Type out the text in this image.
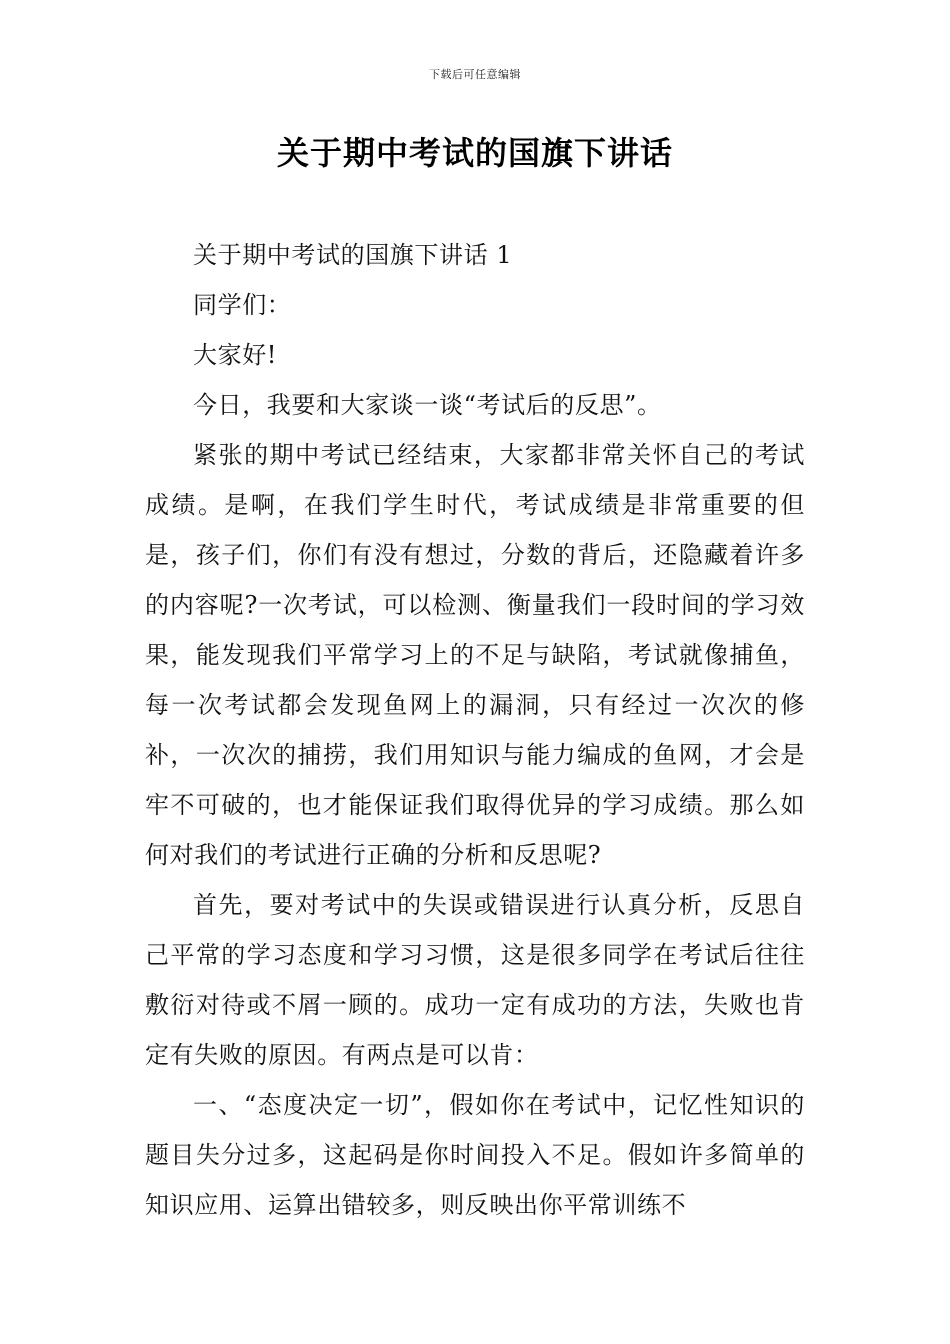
下载后可任意编辑
关于期中考试的国旗下讲话

关于期中考试的国旗下讲话 1

同学们：

大家好!

今日，我要和大家谈一谈“考试后的反思”。

紧张的期中考试已经结束，大家都非常关怀自己的考试成绩。是啊，在我们学生时代，考试成绩是非常重要的但是，孩子们，你们有没有想过，分数的背后，还隐藏着许多的内容呢?一次考试，可以检测、衡量我们一段时间的学习效果，能发现我们平常学习上的不足与缺陷，考试就像捕鱼，每一次考试都会发现鱼网上的漏洞，只有经过一次次的修补，一次次的捕捞，我们用知识与能力编成的鱼网，才会是牢不可破的，也才能保证我们取得优异的学习成绩。那么如何对我们的考试进行正确的分析和反思呢?

首先，要对考试中的失误或错误进行认真分析，反思自己平常的学习态度和学习习惯，这是很多同学在考试后往往敷衍对待或不屑一顾的。成功一定有成功的方法，失败也肯定有失败的原因。有两点是可以肯：

一、“态度决定一切”，假如你在考试中，记忆性知识的题目失分过多，这起码是你时间投入不足。假如许多简单的知识应用、运算出错较多，则反映出你平常训练不
